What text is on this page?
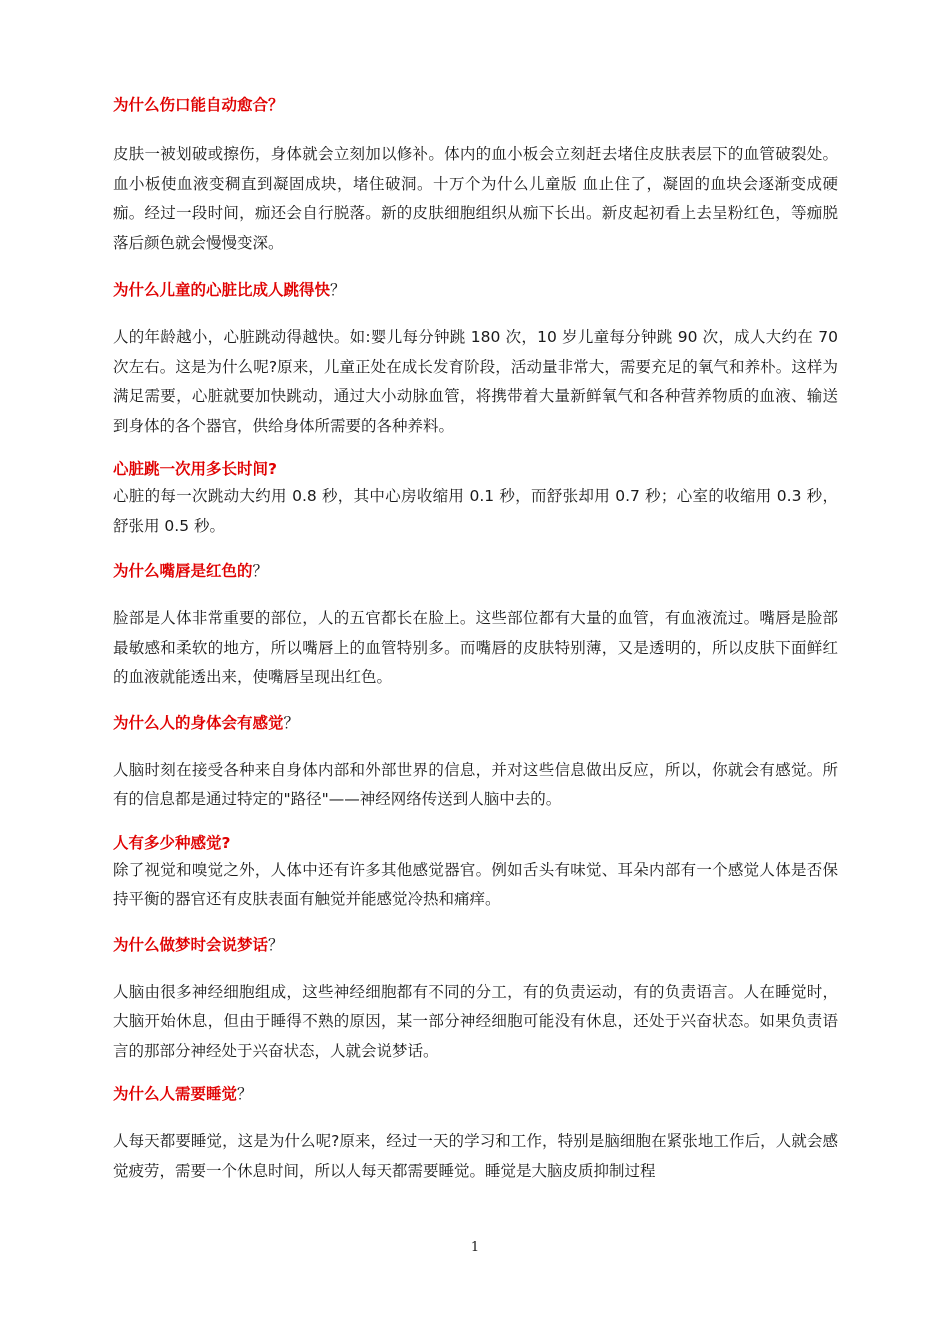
为什么伤口能自动愈合？

皮肤一被划破或擦伤，身体就会立刻加以修补。体内的血小板会立刻赶去堵住皮肤表层下的血管破裂处。血小板使血液变稠直到凝固成块，堵住破洞。十万个为什么儿童版 血止住了，凝固的血块会逐渐变成硬痂。经过一段时间，痂还会自行脱落。新的皮肤细胞组织从痂下长出。新皮起初看上去呈粉红色，等痂脱落后颜色就会慢慢变深。

为什么儿童的心脏比成人跳得快？

人的年龄越小，心脏跳动得越快。如:婴儿每分钟跳 180 次，10 岁儿童每分钟跳 90 次，成人大约在 70 次左右。这是为什么呢?原来，儿童正处在成长发育阶段，活动量非常大，需要充足的氧气和养朴。这样为满足需要，心脏就要加快跳动，通过大小动脉血管，将携带着大量新鲜氧气和各种营养物质的血液、输送到身体的各个器官，供给身体所需要的各种养料。

心脏跳一次用多长时间?

心脏的每一次跳动大约用 0.8 秒，其中心房收缩用 0.1 秒，而舒张却用 0.7 秒；心室的收缩用 0.3 秒，舒张用 0.5 秒。

为什么嘴唇是红色的？

脸部是人体非常重要的部位，人的五官都长在脸上。这些部位都有大量的血管，有血液流过。嘴唇是脸部最敏感和柔软的地方，所以嘴唇上的血管特别多。而嘴唇的皮肤特别薄，又是透明的，所以皮肤下面鲜红的血液就能透出来，使嘴唇呈现出红色。

为什么人的身体会有感觉？

人脑时刻在接受各种来自身体内部和外部世界的信息，并对这些信息做出反应，所以，你就会有感觉。所有的信息都是通过特定的"路径"——神经网络传送到人脑中去的。

人有多少种感觉?

除了视觉和嗅觉之外，人体中还有许多其他感觉器官。例如舌头有味觉、耳朵内部有一个感觉人体是否保持平衡的器官还有皮肤表面有触觉并能感觉冷热和痛痒。

为什么做梦时会说梦话？

人脑由很多神经细胞组成，这些神经细胞都有不同的分工，有的负责运动，有的负责语言。人在睡觉时，大脑开始休息，但由于睡得不熟的原因，某一部分神经细胞可能没有休息，还处于兴奋状态。如果负责语言的那部分神经处于兴奋状态，人就会说梦话。

为什么人需要睡觉？

人每天都要睡觉，这是为什么呢?原来，经过一天的学习和工作，特别是脑细胞在紧张地工作后，人就会感觉疲劳，需要一个休息时间，所以人每天都需要睡觉。睡觉是大脑皮质抑制过程

1
